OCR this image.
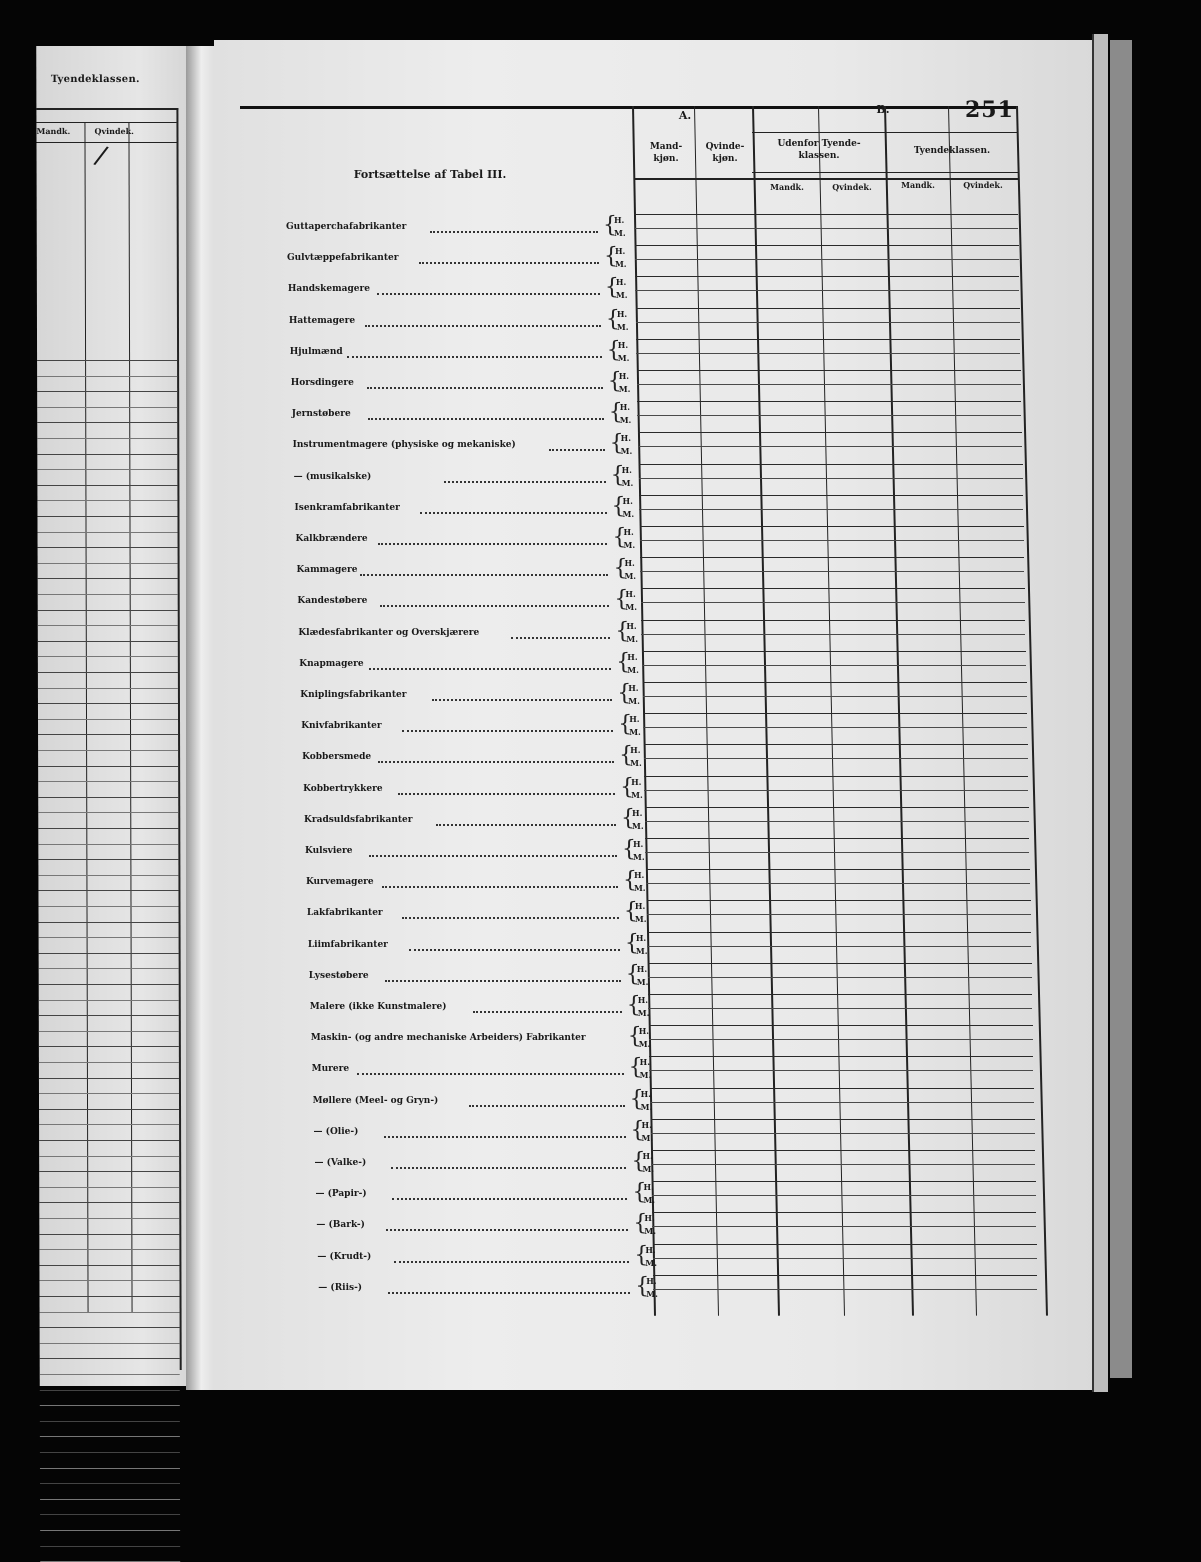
Tyendeklassen.
Mandk.	Qvindek.
/
251
Fortsættelse af Tabel III.
A.	B.
Mand-
kjøn.
Qvinde-
kjøn.
Udenfor Tyende-
klassen.	Tyendeklassen.
Mandk.	Qvindek.	Mandk.	Qvindek.
Guttaperchafabrikanter	{
H.
M.
Gulvtæppefabrikanter	{
H.
M.
Handskemagere	{
H.
M.
Hattemagere	{
H.
M.
Hjulmænd	{
H.
M.
Horsdingere	{
H.
M.
Jernstøbere	{
H.
M.
Instrumentmagere (physiske og mekaniske)	{
H.
M.
— (musikalske)	{
H.
M.
Isenkramfabrikanter	{
H.
M.
Kalkbrændere	{
H.
M.
Kammagere	{
H.
M.
Kandestøbere	{
H.
M.
Klædesfabrikanter og Overskjærere	{
H.
M.
Knapmagere	{
H.
M.
Kniplingsfabrikanter	{
H.
M.
Knivfabrikanter	{
H.
M.
Kobbersmede	{
H.
M.
Kobbertrykkere	{
H.
M.
Kradsuldsfabrikanter	{
H.
M.
Kulsviere	{
H.
M.
Kurvemagere	{
H.
M.
Lakfabrikanter	{
H.
M.
Liimfabrikanter	{
H.
M.
Lysestøbere	{
H.
M.
Malere (ikke Kunstmalere)	{
H.
M.
Maskin- (og andre mechaniske Arbeiders) Fabrikanter {
H.
M.
Murere	{
H.
M.
Møllere (Meel- og Gryn-)	{
H.
M.
— (Olie-)	{
H.
M.
— (Valke-)	{
H.
M.
— (Papir-)	{
H.
M.
— (Bark-)	{
H.
M.
— (Krudt-)	{
H.
M.
— (Riis-)	{
H.
M.
